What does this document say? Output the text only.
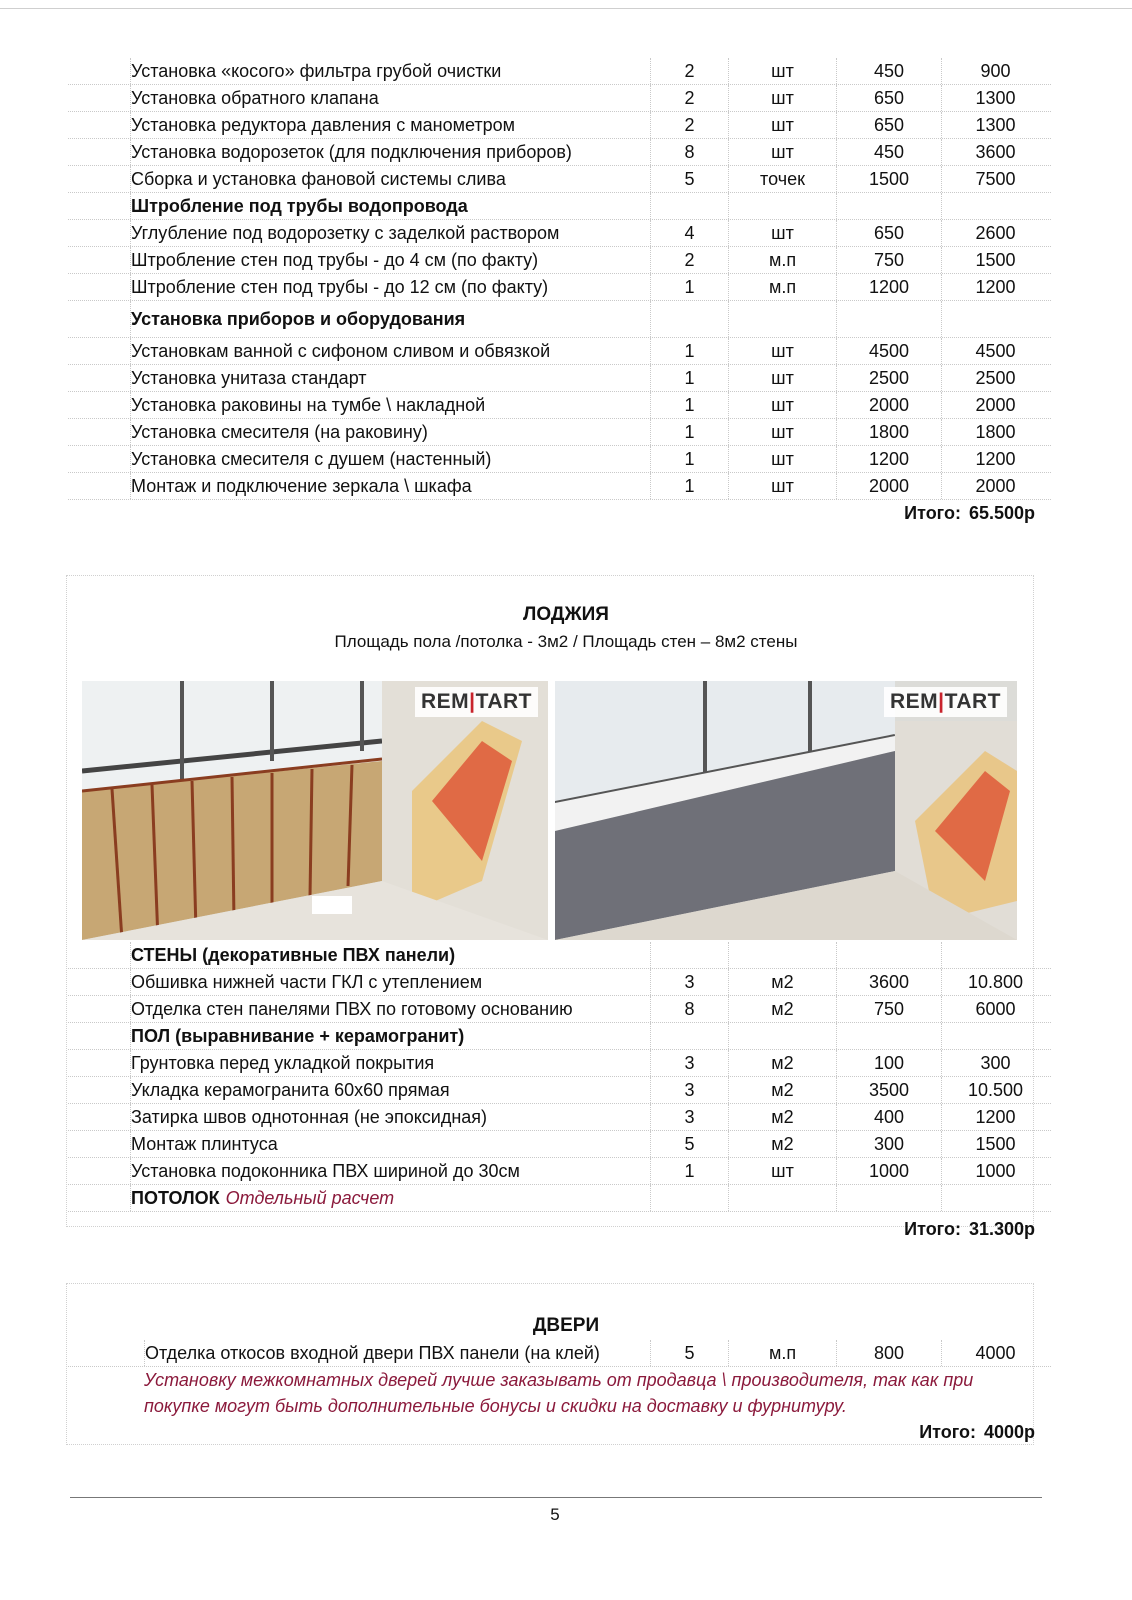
Установка «косого» фильтра грубой очистки	2	шт	450	900
Установка обратного клапана	2	шт	650	1300
Установка редуктора давления с манометром	2	шт	650	1300
Установка водорозеток (для подключения приборов)	8	шт	450	3600
Сборка и установка фановой системы слива	5	точек	1500	7500
Штробление под трубы водопровода
Углубление под водорозетку с заделкой раствором	4	шт	650	2600
Штробление стен под трубы - до 4 см (по факту)	2	м.п	750	1500
Штробление стен под трубы - до 12 см (по факту)	1	м.п	1200	1200
Установка приборов и оборудования
Установкам ванной с сифоном сливом и обвязкой	1	шт	4500	4500
Установка унитаза стандарт	1	шт	2500	2500
Установка раковины на тумбе \ накладной	1	шт	2000	2000
Установка смесителя (на раковину)	1	шт	1800	1800
Установка смесителя с душем (настенный)	1	шт	1200	1200
Монтаж и подключение зеркала \ шкафа	1	шт	2000	2000
Итого: 65.500р
ЛОДЖИЯ
Площадь пола /потолка - 3м2 / Площадь стен – 8м2 стены
REM|TART	REM|TART
СТЕНЫ (декоративные ПВХ панели)
Обшивка нижней части ГКЛ с утеплением	3	м2	3600	10.800
Отделка стен панелями ПВХ по готовому основанию	8	м2	750	6000
ПОЛ (выравнивание + керамогранит)
Грунтовка перед укладкой покрытия	3	м2	100	300
Укладка керамогранита 60х60 прямая	3	м2	3500	10.500
Затирка швов однотонная (не эпоксидная)	3	м2	400	1200
Монтаж плинтуса	5	м2	300	1500
Установка подоконника ПВХ шириной до 30см	1	шт	1000	1000
ПОТОЛОК Отдельный расчет
Итого: 31.300р
ДВЕРИ
Отделка откосов входной двери ПВХ панели (на клей)	5	м.п	800	4000
Установку межкомнатных дверей лучше заказывать от продавца \ производителя, так как при
покупке могут быть дополнительные бонусы и скидки на доставку и фурнитуру.
Итого: 4000р
5
